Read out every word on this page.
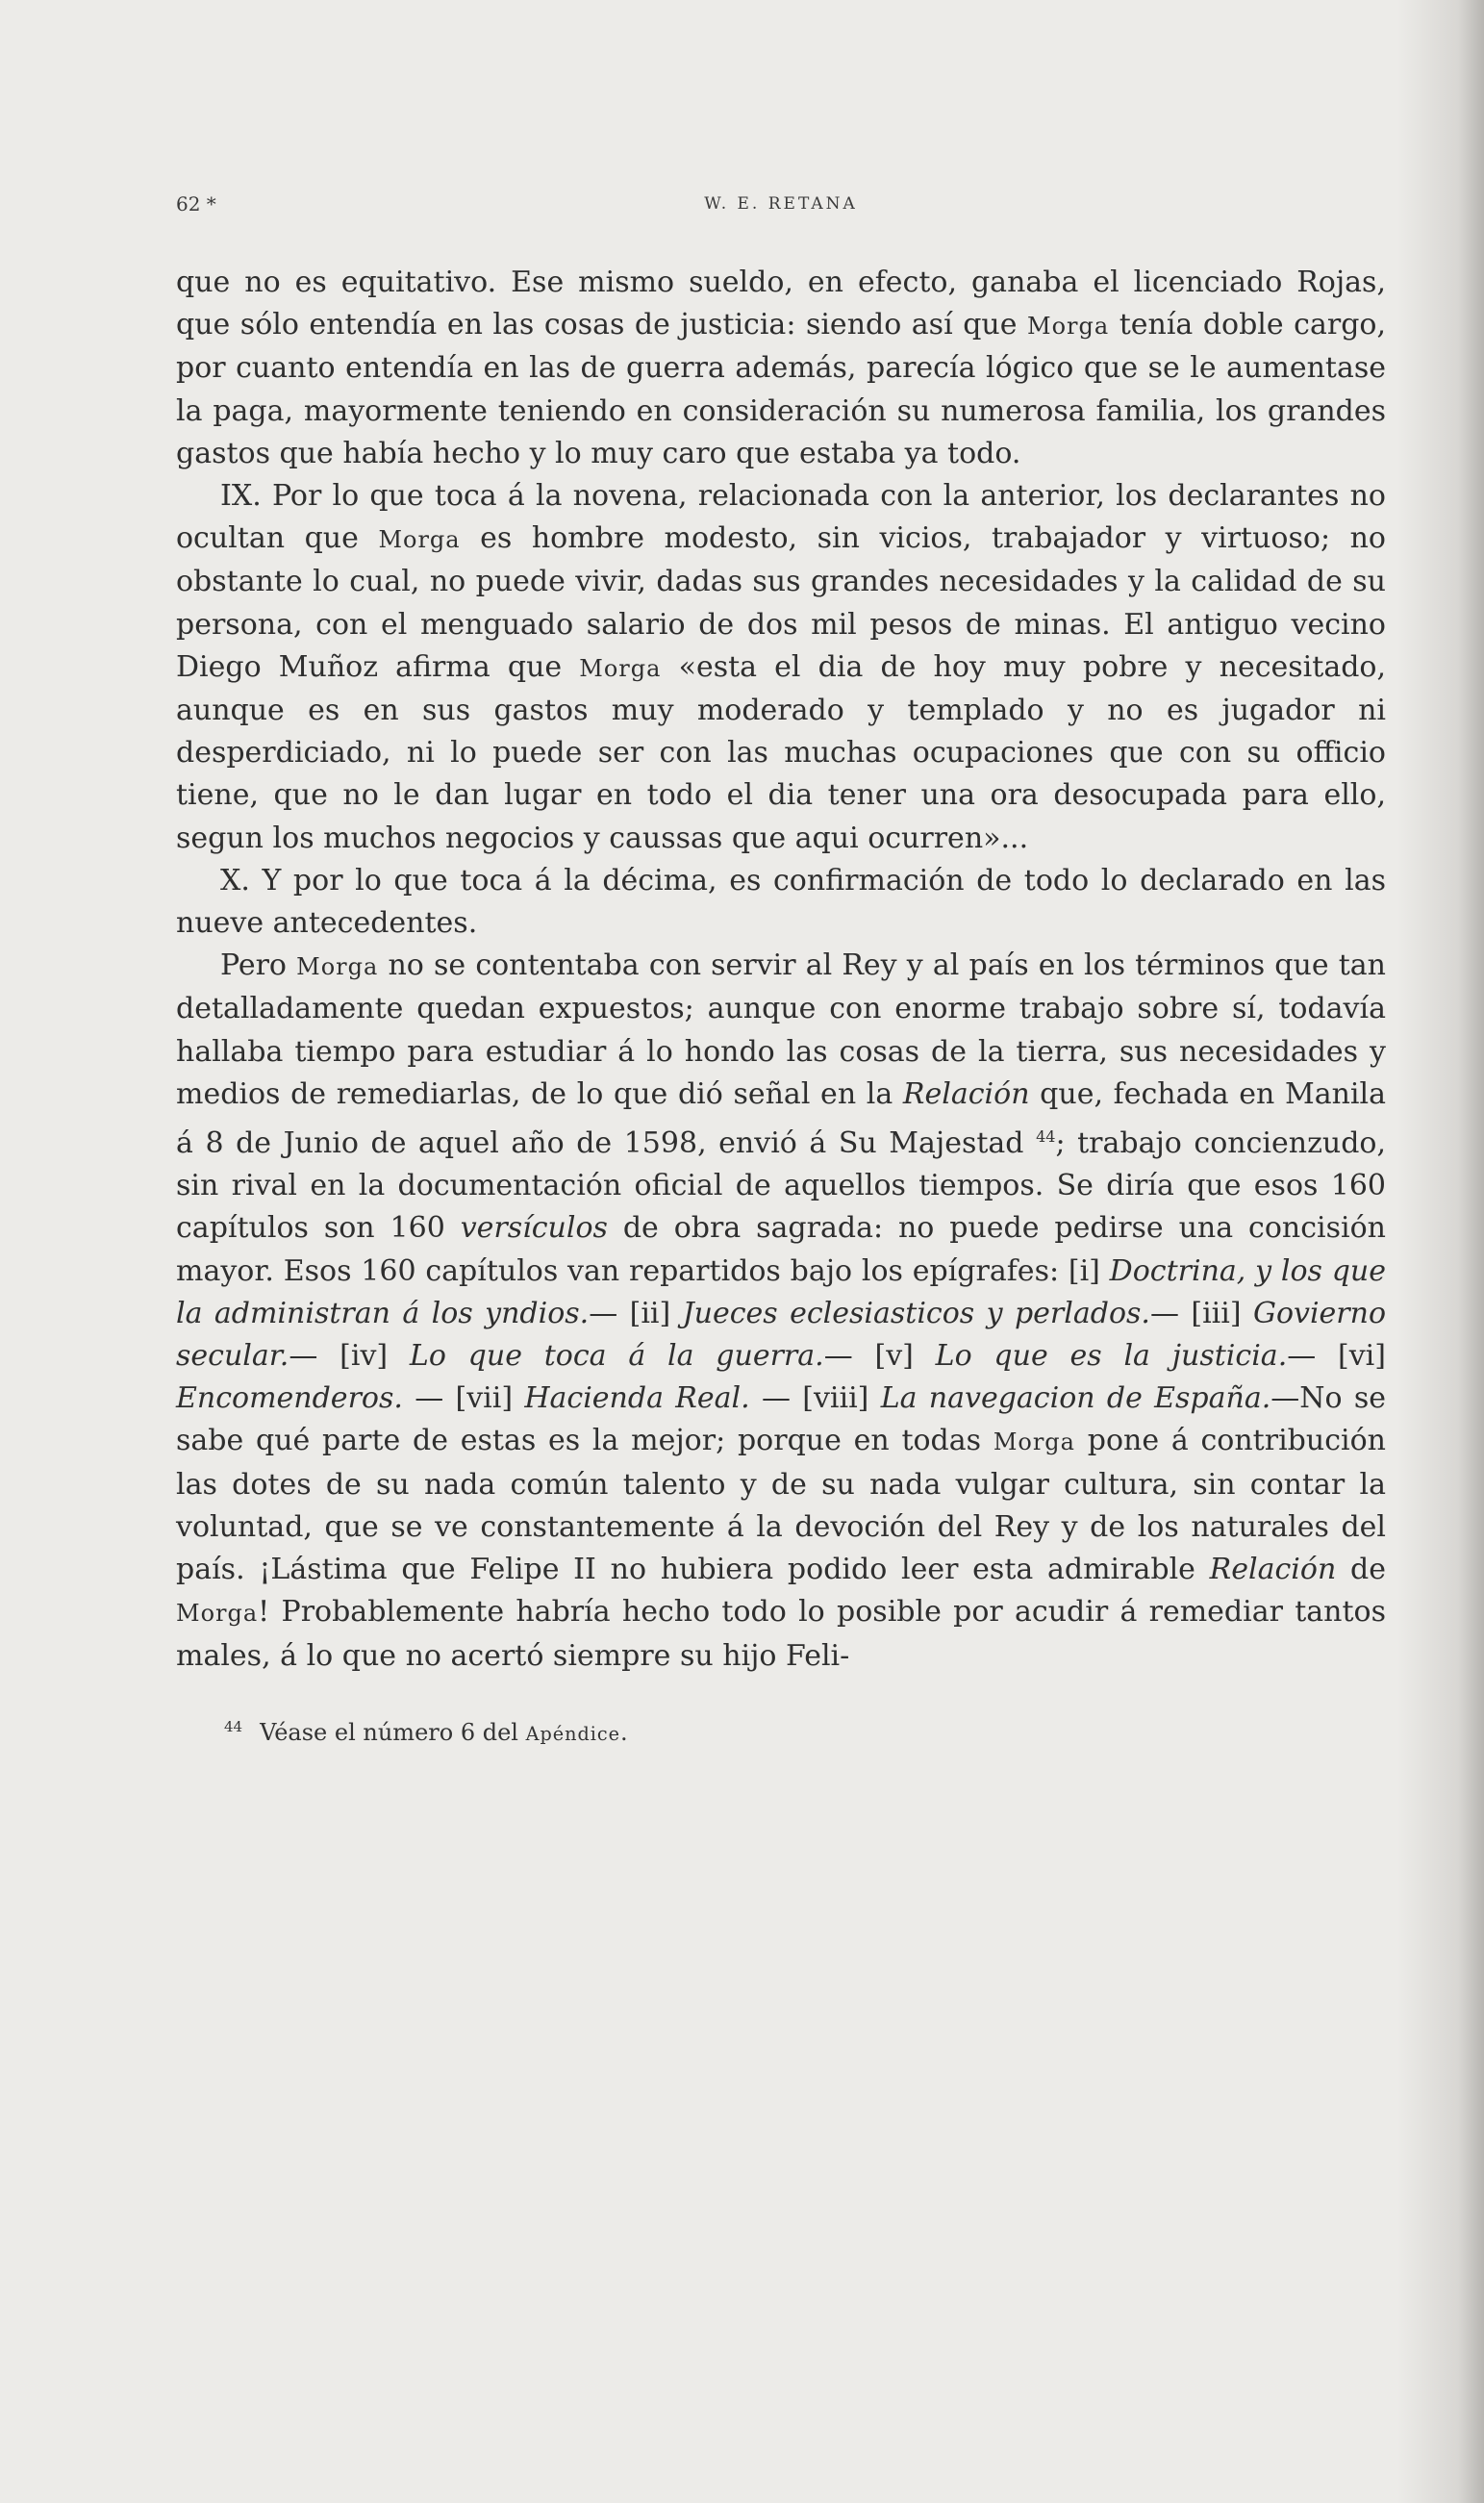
62 *	W. E. RETANA

que no es equitativo. Ese mismo sueldo, en efecto, ganaba el licenciado Rojas, que sólo entendía en las cosas de justicia: siendo así que Morga tenía doble cargo, por cuanto entendía en las de guerra además, parecía lógico que se le aumentase la paga, mayormente teniendo en consideración su numerosa familia, los grandes gastos que había hecho y lo muy caro que estaba ya todo.

IX. Por lo que toca á la novena, relacionada con la anterior, los declarantes no ocultan que Morga es hombre modesto, sin vicios, trabajador y virtuoso; no obstante lo cual, no puede vivir, dadas sus grandes necesidades y la calidad de su persona, con el menguado salario de dos mil pesos de minas. El antiguo vecino Diego Muñoz afirma que Morga «esta el dia de hoy muy pobre y necesitado, aunque es en sus gastos muy moderado y templado y no es jugador ni desperdiciado, ni lo puede ser con las muchas ocupaciones que con su officio tiene, que no le dan lugar en todo el dia tener una ora desocupada para ello, segun los muchos negocios y caussas que aqui ocurren»...

X. Y por lo que toca á la décima, es confirmación de todo lo declarado en las nueve antecedentes.

Pero Morga no se contentaba con servir al Rey y al país en los términos que tan detalladamente quedan expuestos; aunque con enorme trabajo sobre sí, todavía hallaba tiempo para estudiar á lo hondo las cosas de la tierra, sus necesidades y medios de remediarlas, de lo que dió señal en la Relación que, fechada en Manila á 8 de Junio de aquel año de 1598, envió á Su Majestad $^{44}$; trabajo concienzudo, sin rival en la documentación oficial de aquellos tiempos. Se diría que esos 160 capítulos son 160 versículos de obra sagrada: no puede pedirse una concisión mayor. Esos 160 capítulos van repartidos bajo los epígrafes: [i] Doctrina, y los que la administran á los yndios.— [ii] Jueces eclesiasticos y perlados.— [iii] Govierno secular.— [iv] Lo que toca á la guerra.— [v] Lo que es la justicia.— [vi] Encomenderos. — [vii] Hacienda Real. — [viii] La navegacion de España.—No se sabe qué parte de estas es la mejor; porque en todas Morga pone á contribución las dotes de su nada común talento y de su nada vulgar cultura, sin contar la voluntad, que se ve constantemente á la devoción del Rey y de los naturales del país. ¡Lástima que Felipe II no hubiera podido leer esta admirable Relación de Morga! Probablemente habría hecho todo lo posible por acudir á remediar tantos males, á lo que no acertó siempre su hijo Feli-

$^{44}$ Véase el número 6 del Apéndice.
